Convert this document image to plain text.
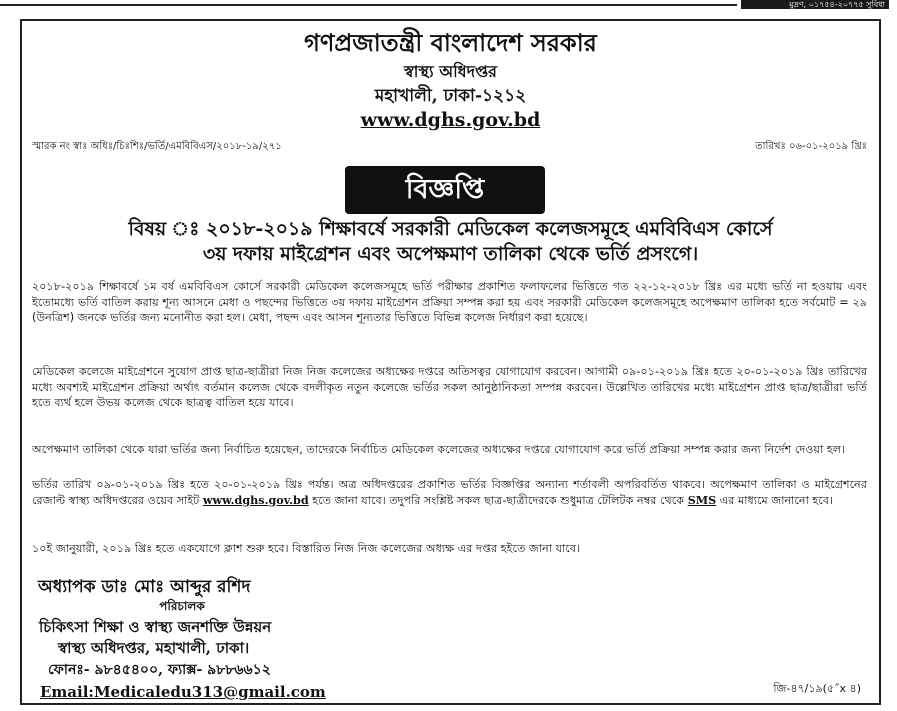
মুদ্রণ, ০১৭৫৪-২০৭৭৫ সুবিধা
গণপ্রজাতন্ত্রী বাংলাদেশ সরকার
স্বাস্থ্য অধিদপ্তর
মহাখালী, ঢাকা-১২১২
www.dghs.gov.bd
স্মারক নং স্বাঃ অধিঃ/চিঃশিঃ/ভর্তি/এমবিবিএস/২০১৮-১৯/২৭১	তারিখঃ ০৬-০১-২০১৯ খ্রিঃ
বিজ্ঞপ্তি
বিষয় ঃ ২০১৮-২০১৯ শিক্ষাবর্ষে সরকারী মেডিকেল কলেজসমূহে এমবিবিএস কোর্সে
৩য় দফায় মাইগ্রেশন এবং অপেক্ষমাণ তালিকা থেকে ভর্তি প্রসংগে।
২০১৮-২০১৯ শিক্ষাবর্ষে ১ম বর্ষ এমবিবিএস কোর্সে সরকারী মেডিকেল কলেজসমূহে ভর্তি পরীক্ষার প্রকাশিত ফলাফলের ভিত্তিতে গত ২২-১২-২০১৮ খ্রিঃ এর মধ্যে ভর্তি না হওয়ায় এবং ইতোমধ্যে ভর্তি বাতিল করায় শূন্য আসনে মেধা ও পছন্দের ভিত্তিতে ৩য় দফায় মাইগ্রেশন প্রক্রিয়া সম্পন্ন করা হয় এবং সরকারী মেডিকেল কলেজসমূহে অপেক্ষমাণ তালিকা হতে সর্বমোট = ২৯ (উনত্রিশ) জনকে ভর্তির জন্য মনোনীত করা হল। মেধা, পছন্দ এবং আসন শূন্যতার ভিত্তিতে বিভিন্ন কলেজ নির্ধারণ করা হয়েছে।
মেডিকেল কলেজে মাইগ্রেশনে সুযোগ প্রাপ্ত ছাত্র-ছাত্রীরা নিজ নিজ কলেজের অধ্যক্ষের দপ্তরে অতিসত্বর যোগাযোগ করবেন। আগামী ০৯-০১-২০১৯ খ্রিঃ হতে ২০-০১-২০১৯ খ্রিঃ তারিখের মধ্যে অবশ্যই মাইগ্রেশন প্রক্রিয়া অর্থাৎ বর্তমান কলেজ থেকে বদলীকৃত নতুন কলেজে ভর্তির সকল আনুষ্ঠানিকতা সম্পন্ন করবেন। উল্লেখিত তারিখের মধ্যে মাইগ্রেশন প্রাপ্ত ছাত্র/ছাত্রীরা ভর্তি হতে ব্যর্থ হলে উভয় কলেজ থেকে ছাত্রত্ব বাতিল হয়ে যাবে।
অপেক্ষমাণ তালিকা থেকে যারা ভর্তির জন্য নির্বাচিত হয়েছেন, তাদেরকে নির্বাচিত মেডিকেল কলেজের অধ্যক্ষের দপ্তরে যোগাযোগ করে ভর্তি প্রক্রিয়া সম্পন্ন করার জন্য নির্দেশ দেওয়া হল।
ভর্তির তারিখ ০৯-০১-২০১৯ খ্রিঃ হতে ২০-০১-২০১৯ খ্রিঃ পর্যন্ত। অত্র অধিদপ্তরের প্রকাশিত ভর্তির বিজ্ঞপ্তির অন্যান্য শর্তাবলী অপরিবর্তিত থাকবে। অপেক্ষমাণ তালিকা ও মাইগ্রেশনের রেজাল্ট স্বাস্থ্য অধিদপ্তরের ওয়েব সাইট www.dghs.gov.bd হতে জানা যাবে। তদুপরি সংশ্লিষ্ট সকল ছাত্র-ছাত্রীদেরকে শুধুমাত্র টেলিটক নম্বর থেকে SMS এর মাধ্যমে জানানো হবে।
১০ই জানুয়ারী, ২০১৯ খ্রিঃ হতে একযোগে ক্লাশ শুরু হবে। বিস্তারিত নিজ নিজ কলেজের অধ্যক্ষ এর দপ্তর হইতে জানা যাবে।
অধ্যাপক ডাঃ মোঃ আব্দুর রশিদ
পরিচালক
চিকিৎসা শিক্ষা ও স্বাস্থ্য জনশক্তি উন্নয়ন
স্বাস্থ্য অধিদপ্তর, মহাখালী, ঢাকা।
ফোনঃ- ৯৮৪৫৪০০, ফ্যাক্স- ৯৮৮৬৬১২
Email:Medicaledu313@gmail.com	জি-৪৭/১৯(৫˝x ৪)
